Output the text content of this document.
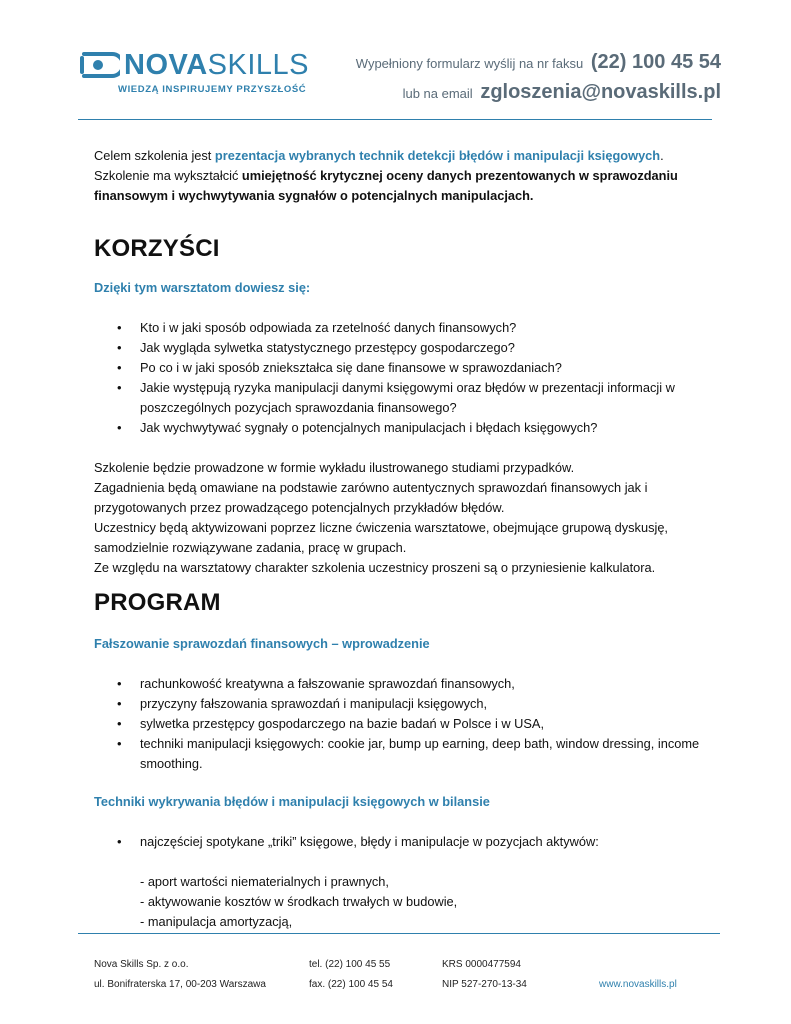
NOVA SKILLS
WIEDZĄ INSPIRUJEMY PRZYSZŁOŚĆ
Wypełniony formularz wyślij na nr faksu (22) 100 45 54
lub na email zgloszenia@novaskills.pl

Celem szkolenia jest prezentacja wybranych technik detekcji błędów i manipulacji księgowych. Szkolenie ma wykształcić umiejętność krytycznej oceny danych prezentowanych w sprawozdaniu finansowym i wychwytywania sygnałów o potencjalnych manipulacjach.

KORZYŚCI
Dzięki tym warsztatom dowiesz się:
• Kto i w jaki sposób odpowiada za rzetelność danych finansowych?
• Jak wygląda sylwetka statystycznego przestępcy gospodarczego?
• Po co i w jaki sposób zniekształca się dane finansowe w sprawozdaniach?
• Jakie występują ryzyka manipulacji danymi księgowymi oraz błędów w prezentacji informacji w poszczególnych pozycjach sprawozdania finansowego?
• Jak wychwytywać sygnały o potencjalnych manipulacjach i błędach księgowych?

Szkolenie będzie prowadzone w formie wykładu ilustrowanego studiami przypadków.

Zagadnienia będą omawiane na podstawie zarówno autentycznych sprawozdań finansowych jak i przygotowanych przez prowadzącego potencjalnych przykładów błędów.

Uczestnicy będą aktywizowani poprzez liczne ćwiczenia warsztatowe, obejmujące grupową dyskusję, samodzielnie rozwiązywane zadania, pracę w grupach.

Ze względu na warsztatowy charakter szkolenia uczestnicy proszeni są o przyniesienie kalkulatora.

PROGRAM
Fałszowanie sprawozdań finansowych – wprowadzenie
• rachunkowość kreatywna a fałszowanie sprawozdań finansowych,
• przyczyny fałszowania sprawozdań i manipulacji księgowych,
• sylwetka przestępcy gospodarczego na bazie badań w Polsce i w USA,
• techniki manipulacji księgowych: cookie jar, bump up earning, deep bath, window dressing, income smoothing.
Techniki wykrywania błędów i manipulacji księgowych w bilansie
• najczęściej spotykane „triki” księgowe, błędy i manipulacje w pozycjach aktywów:

- aport wartości niematerialnych i prawnych,

- aktywowanie kosztów w środkach trwałych w budowie,

- manipulacja amortyzacją,

Nova Skills Sp. z o.o.
ul. Bonifraterska 17, 00-203 Warszawa
tel. (22) 100 45 55
fax. (22) 100 45 54
KRS 0000477594
NIP 527-270-13-34	www.novaskills.pl
